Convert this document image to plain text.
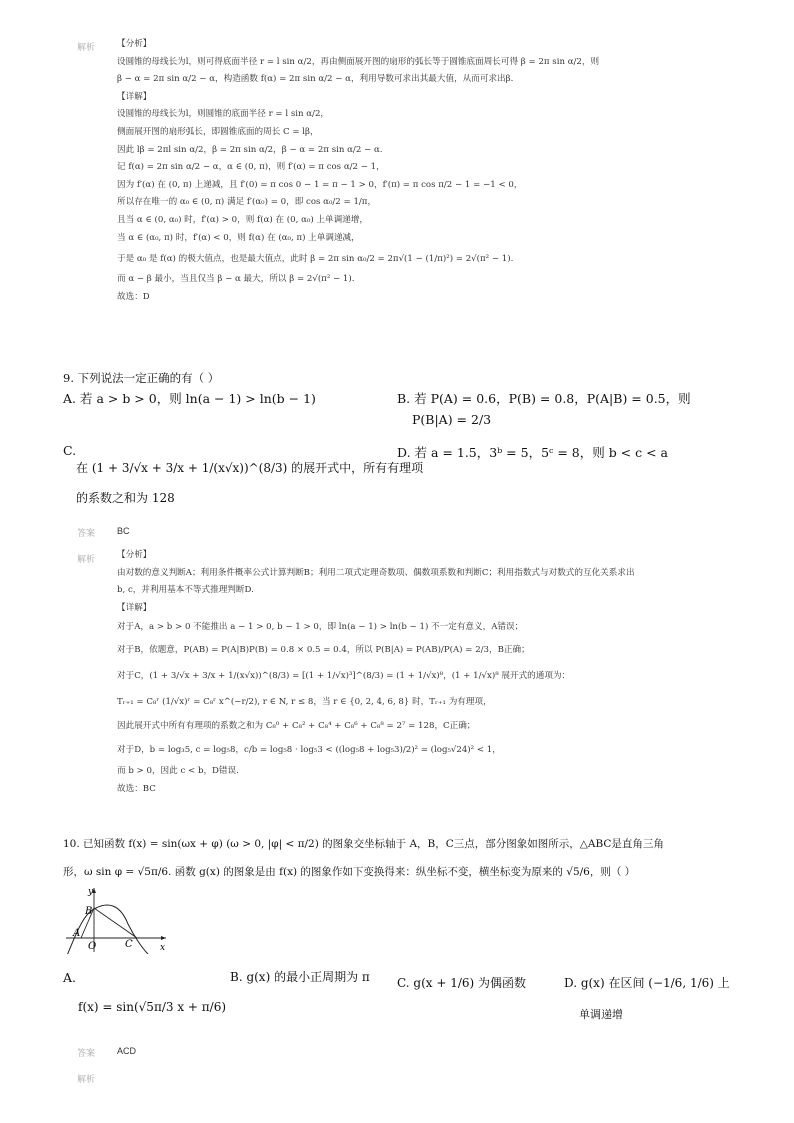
解析	【分析】
设圆锥的母线长为l，则可得底面半径 r = l sin α/2，再由侧面展开图的扇形的弧长等于圆锥底面周长可得 β = 2π sin α/2，则
β − α = 2π sin α/2 − α，构造函数 f(α) = 2π sin α/2 − α，利用导数可求出其最大值，从而可求出β.
【详解】
设圆锥的母线长为l，则圆锥的底面半径 r = l sin α/2，
侧面展开图的扇形弧长，即圆锥底面的周长 C = lβ，
因此 lβ = 2πl sin α/2，β = 2π sin α/2，β − α = 2π sin α/2 − α.
记 f(α) = 2π sin α/2 − α，α ∈ (0, π)，则 f′(α) = π cos α/2 − 1，
因为 f′(α) 在 (0, π) 上递减，且 f′(0) = π cos 0 − 1 = π − 1 > 0，f′(π) = π cos π/2 − 1 = −1 < 0，
所以存在唯一的 α₀ ∈ (0, π) 满足 f′(α₀) = 0，即 cos α₀/2 = 1/π，
且当 α ∈ (0, α₀) 时，f′(α) > 0，则 f(α) 在 (0, α₀) 上单调递增，
当 α ∈ (α₀, π) 时，f′(α) < 0，则 f(α) 在 (α₀, π) 上单调递减，
于是 α₀ 是 f(α) 的极大值点，也是最大值点，此时 β = 2π sin α₀/2 = 2π√(1 − (1/π)²) = 2√(π² − 1).
而 α − β 最小，当且仅当 β − α 最大，所以 β = 2√(π² − 1).
故选：D
9. 下列说法一定正确的有（ ）
A. 若 a > b > 0，则 ln(a − 1) > ln(b − 1)	B. 若 P(A) = 0.6，P(B) = 0.8，P(A|B) = 0.5，则
P(B|A) = 2/3
C.
在 (1 + 3/√x + 3/x + 1/(x√x))^(8/3) 的展开式中，所有有理项
的系数之和为 128
D. 若 a = 1.5，3ᵇ = 5，5ᶜ = 8，则 b < c < a
答案 BC
解析	【分析】
由对数的意义判断A；利用条件概率公式计算判断B；利用二项式定理奇数项、偶数项系数和判断C；利用指数式与对数式的互化关系求出
b, c，并利用基本不等式推理判断D.
【详解】
对于A，a > b > 0 不能推出 a − 1 > 0, b − 1 > 0，即 ln(a − 1) > ln(b − 1) 不一定有意义，A错误；
对于B，依题意，P(AB) = P(A|B)P(B) = 0.8 × 0.5 = 0.4，所以 P(B|A) = P(AB)/P(A) = 2/3，B正确；
对于C，(1 + 3/√x + 3/x + 1/(x√x))^(8/3) = [(1 + 1/√x)³]^(8/3) = (1 + 1/√x)⁸，(1 + 1/√x)⁸ 展开式的通项为：
Tᵣ₊₁ = C₈ʳ (1/√x)ʳ = C₈ʳ x^(−r/2), r ∈ N, r ≤ 8，当 r ∈ {0, 2, 4, 6, 8} 时，Tᵣ₊₁ 为有理项，
因此展开式中所有有理项的系数之和为 C₈⁰ + C₈² + C₈⁴ + C₈⁶ + C₈⁸ = 2⁷ = 128，C正确；
对于D，b = log₃5, c = log₅8，c/b = log₅8 · log₅3 < ((log₅8 + log₅3)/2)² = (log₅√24)² < 1，
而 b > 0，因此 c < b，D错误.
故选：BC
10. 已知函数 f(x) = sin(ωx + φ) (ω > 0, |φ| < π/2) 的图象交坐标轴于 A，B，C三点，部分图象如图所示，△ABC是直角三角
形，ω sin φ = √5π/6. 函数 g(x) 的图象是由 f(x) 的图象作如下变换得来：纵坐标不变，横坐标变为原来的 √5/6，则（ ）
A
B
O	C	x
y
A.
f(x) = sin(√5π/3 x + π/6)
B. g(x) 的最小正周期为 π C. g(x + 1/6) 为偶函数	D. g(x) 在区间 (−1/6, 1/6) 上
单调递增
答案 ACD
解析
